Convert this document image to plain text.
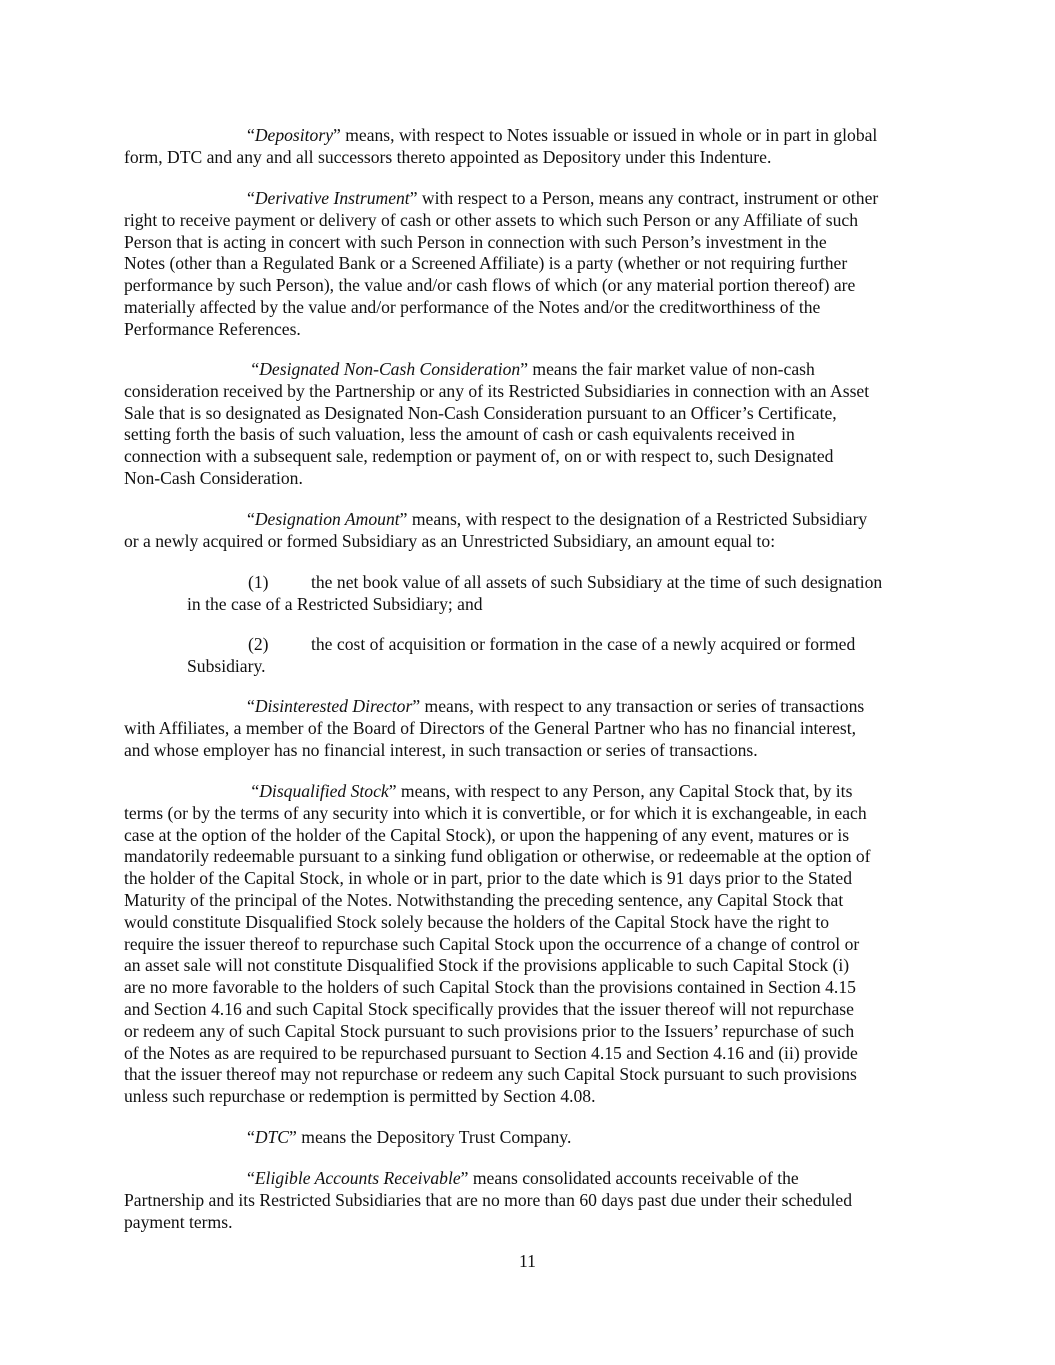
“Depository” means, with respect to Notes issuable or issued in whole or in part in global
form, DTC and any and all successors thereto appointed as Depository under this Indenture.

“Derivative Instrument” with respect to a Person, means any contract, instrument or other
right to receive payment or delivery of cash or other assets to which such Person or any Affiliate of such
Person that is acting in concert with such Person in connection with such Person’s investment in the
Notes (other than a Regulated Bank or a Screened Affiliate) is a party (whether or not requiring further
performance by such Person), the value and/or cash flows of which (or any material portion thereof) are
materially affected by the value and/or performance of the Notes and/or the creditworthiness of the
Performance References.

“Designated Non-Cash Consideration” means the fair market value of non-cash
consideration received by the Partnership or any of its Restricted Subsidiaries in connection with an Asset
Sale that is so designated as Designated Non-Cash Consideration pursuant to an Officer’s Certificate,
setting forth the basis of such valuation, less the amount of cash or cash equivalents received in
connection with a subsequent sale, redemption or payment of, on or with respect to, such Designated
Non-Cash Consideration.

“Designation Amount” means, with respect to the designation of a Restricted Subsidiary
or a newly acquired or formed Subsidiary as an Unrestricted Subsidiary, an amount equal to:

(1) the net book value of all assets of such Subsidiary at the time of such designation
in the case of a Restricted Subsidiary; and

(2) the cost of acquisition or formation in the case of a newly acquired or formed
Subsidiary.

“Disinterested Director” means, with respect to any transaction or series of transactions
with Affiliates, a member of the Board of Directors of the General Partner who has no financial interest,
and whose employer has no financial interest, in such transaction or series of transactions.

“Disqualified Stock” means, with respect to any Person, any Capital Stock that, by its
terms (or by the terms of any security into which it is convertible, or for which it is exchangeable, in each
case at the option of the holder of the Capital Stock), or upon the happening of any event, matures or is
mandatorily redeemable pursuant to a sinking fund obligation or otherwise, or redeemable at the option of
the holder of the Capital Stock, in whole or in part, prior to the date which is 91 days prior to the Stated
Maturity of the principal of the Notes. Notwithstanding the preceding sentence, any Capital Stock that
would constitute Disqualified Stock solely because the holders of the Capital Stock have the right to
require the issuer thereof to repurchase such Capital Stock upon the occurrence of a change of control or
an asset sale will not constitute Disqualified Stock if the provisions applicable to such Capital Stock (i)
are no more favorable to the holders of such Capital Stock than the provisions contained in Section 4.15
and Section 4.16 and such Capital Stock specifically provides that the issuer thereof will not repurchase
or redeem any of such Capital Stock pursuant to such provisions prior to the Issuers’ repurchase of such
of the Notes as are required to be repurchased pursuant to Section 4.15 and Section 4.16 and (ii) provide
that the issuer thereof may not repurchase or redeem any such Capital Stock pursuant to such provisions
unless such repurchase or redemption is permitted by Section 4.08.

“DTC” means the Depository Trust Company.

“Eligible Accounts Receivable” means consolidated accounts receivable of the
Partnership and its Restricted Subsidiaries that are no more than 60 days past due under their scheduled
payment terms.

11
